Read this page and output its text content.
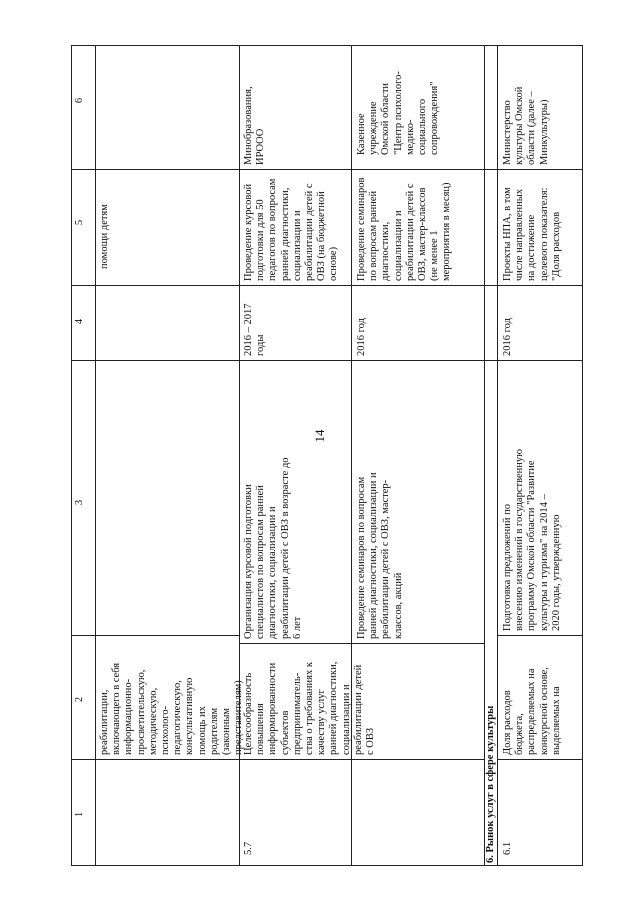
14
6
5
4
3
2
1
помощи детям
реабилитации, включающего в себя информационно- просветительскую, методическую, психолого- педагогическую, консультативную помощь их родителям (законным представителям)
5.7
Целесообразность повышения информированности субъектов предприниматель- ства о требованиях к качеству услуг ранней диагностики, социализации и реабилитации детей с ОВЗ
Организация курсовой подготовки специалистов по вопросам ранней диагностики, социализации и реабилитации детей с ОВЗ в возрасте до 6 лет
2016 – 2017 годы
Проведение курсовой подготовки для 50 педагогов по вопросам ранней диагностики, социализации и реабилитации детей с ОВЗ (на бюджетной основе)
Минобразования, ИРООО
Проведение семинаров по вопросам ранней диагностики, социализации и реабилитации детей с ОВЗ, мастер- классов, акций
2016 год
Проведение семинаров по вопросам ранней диагностики, социализации и реабилитации детей с ОВЗ, мастер-классов (не менее 1 мероприятия в месяц)
Казенное учреждение Омской области "Центр психолого- медико- социального сопровождения"
6. Рынок услуг в сфере культуры 6.1
Доля расходов бюджета, распределяемых на конкурсной основе, выделяемых на
Подготовка предложений по внесению изменений в государственную программу Омской области "Развитие культуры и туризма" на 2014 – 2020 годы, утвержденную
2016 год
Проекты НПА, в том числе направленных на достижение целевого показателя: "Доля расходов
Министерство культуры Омской области (далее – Минкультуры)
